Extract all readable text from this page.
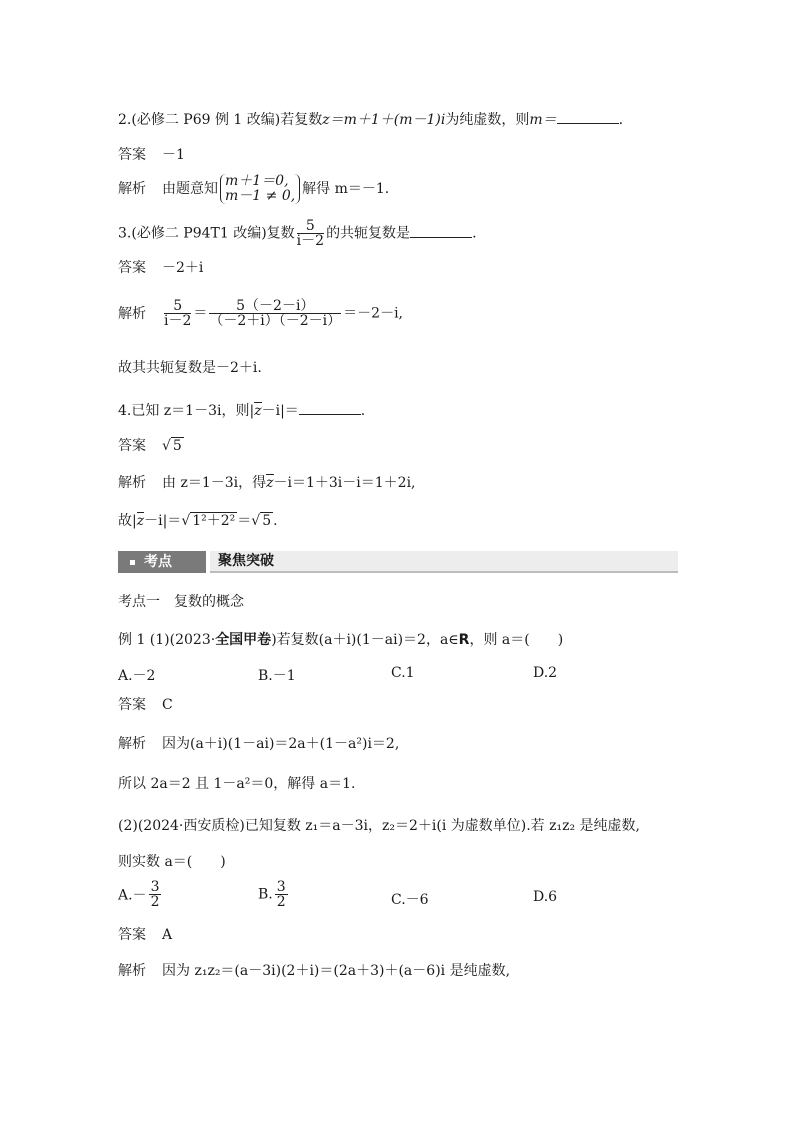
2.(必修二 P69 例 1 改编)若复数z＝m＋1＋(m－1)i为纯虚数，则m＝	.
答案 －1
解析 由题意知 m＋1＝0,
m－1 ≠ 0, 解得 m＝－1.
3.(必修二 P94T1 改编)复数 $\frac{5}{i-2}$ 的共轭复数是	.
答案 －2＋i
解析 $\frac{5}{i-2} = \frac{5(-2-i)}{(-2+i)(-2-i)} =-2-i$,
故其共轭复数是－2＋i.
4.已知 z＝1－3i，则|z－i|＝	.
答案 √ 5
解析 由 z＝1－3i，得z－i＝1＋3i－i＝1＋2i,
故|z－i|＝√ 1²＋2² ＝√ 5 .
考点	聚焦突破
考点一 复数的概念
例 1 (1)(2023·全国甲卷)若复数(a＋i)(1－ai)＝2，a∈R，则 a＝(　　)
A.－2	B.－1	C.1	D.2
答案 C
解析 因为(a＋i)(1－ai)＝2a＋(1－a²)i＝2,
所以 2a＝2 且 1－a²＝0，解得 a＝1.
(2)(2024·西安质检)已知复数 z₁＝a－3i，z₂＝2＋i(i 为虚数单位).若 z₁z₂ 是纯虚数,
则实数 a＝(　　)
$A.- \frac{3}{2}$	B. $\frac{3}{2}$	C.－6	D.6
答案 A
解析 因为 z₁z₂＝(a－3i)(2＋i)＝(2a＋3)＋(a－6)i 是纯虚数,
